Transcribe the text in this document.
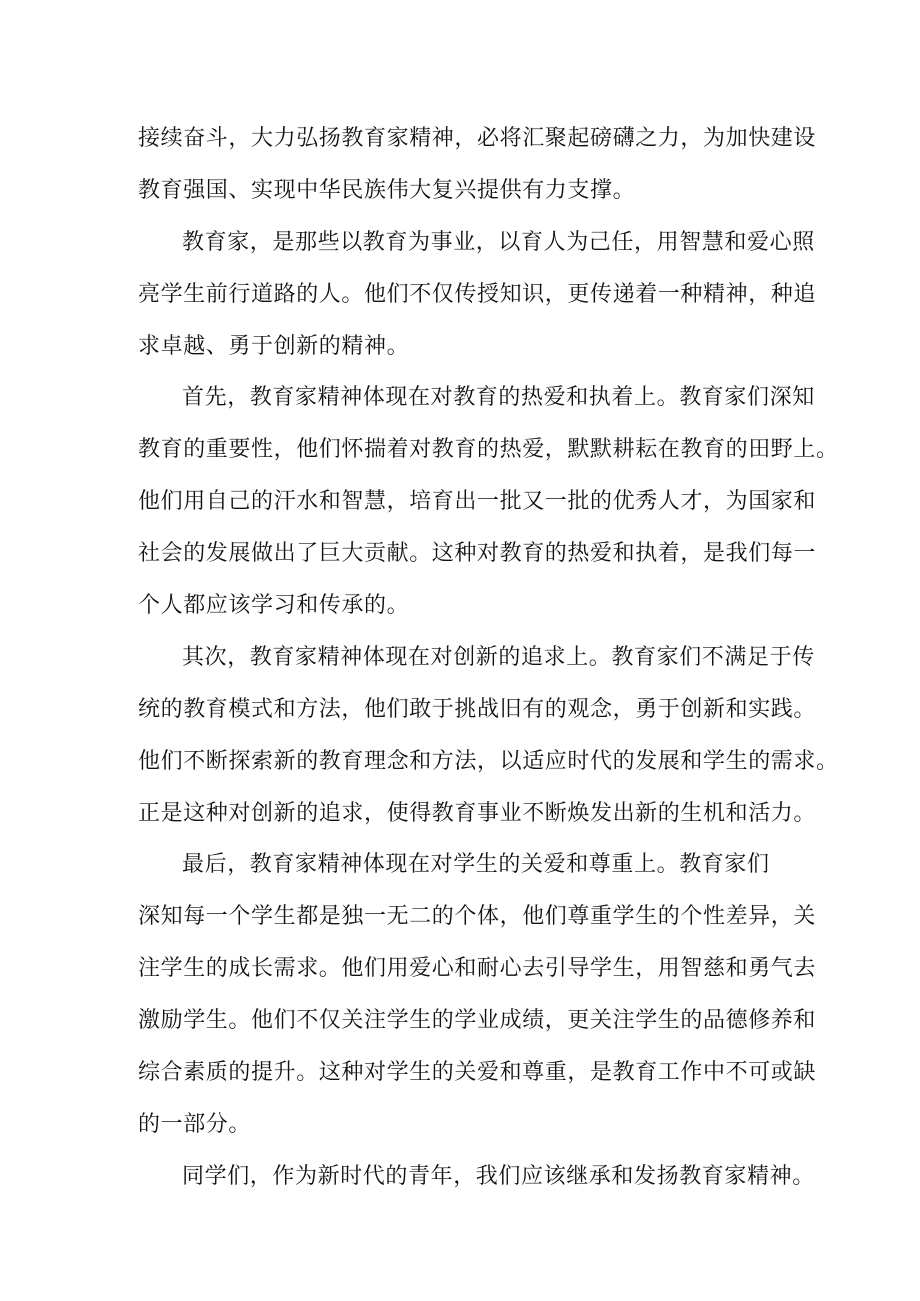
接续奋斗，大力弘扬教育家精神，必将汇聚起磅礴之力，为加快建设
教育强国、实现中华民族伟大复兴提供有力支撑。
教育家，是那些以教育为事业，以育人为己任，用智慧和爱心照
亮学生前行道路的人。他们不仅传授知识，更传递着一种精神，种追
求卓越、勇于创新的精神。
首先，教育家精神体现在对教育的热爱和执着上。教育家们深知
教育的重要性，他们怀揣着对教育的热爱，默默耕耘在教育的田野上。
他们用自己的汗水和智慧，培育出一批又一批的优秀人才，为国家和
社会的发展做出了巨大贡献。这种对教育的热爱和执着，是我们每一
个人都应该学习和传承的。
其次，教育家精神体现在对创新的追求上。教育家们不满足于传
统的教育模式和方法，他们敢于挑战旧有的观念，勇于创新和实践。
他们不断探索新的教育理念和方法，以适应时代的发展和学生的需求。
正是这种对创新的追求，使得教育事业不断焕发出新的生机和活力。
最后，教育家精神体现在对学生的关爱和尊重上。教育家们
深知每一个学生都是独一无二的个体，他们尊重学生的个性差异，关
注学生的成长需求。他们用爱心和耐心去引导学生，用智慈和勇气去
激励学生。他们不仅关注学生的学业成绩，更关注学生的品德修养和
综合素质的提升。这种对学生的关爱和尊重，是教育工作中不可或缺
的一部分。
同学们，作为新时代的青年，我们应该继承和发扬教育家精神。
